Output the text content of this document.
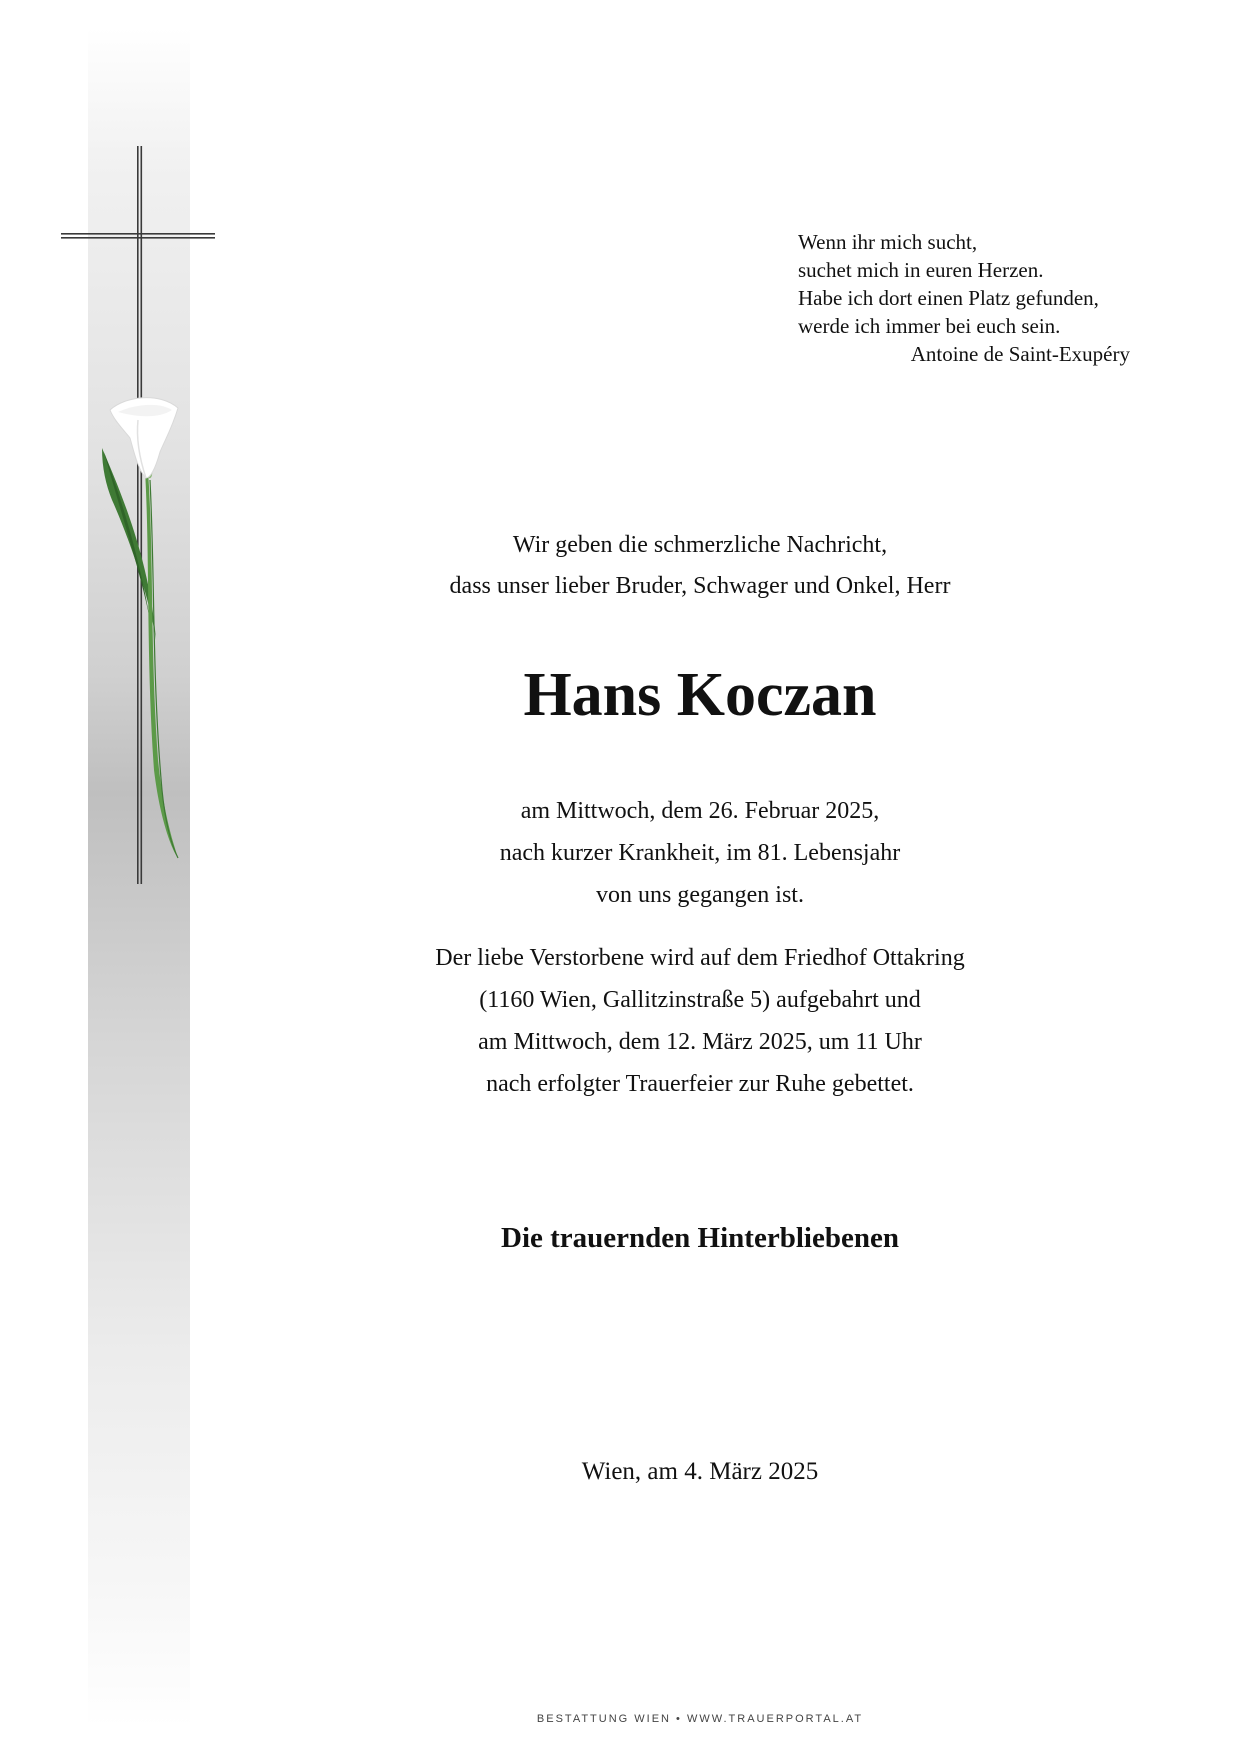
Wenn ihr mich sucht,
suchet mich in euren Herzen.
Habe ich dort einen Platz gefunden,
werde ich immer bei euch sein.
Antoine de Saint-Exupéry
Wir geben die schmerzliche Nachricht,
dass unser lieber Bruder, Schwager und Onkel, Herr
Hans Koczan
am Mittwoch, dem 26. Februar 2025,
nach kurzer Krankheit, im 81. Lebensjahr
von uns gegangen ist.
Der liebe Verstorbene wird auf dem Friedhof Ottakring
(1160 Wien, Gallitzinstraße 5) aufgebahrt und
am Mittwoch, dem 12. März 2025, um 11 Uhr
nach erfolgter Trauerfeier zur Ruhe gebettet.
Die trauernden Hinterbliebenen
Wien, am 4. März 2025
BESTATTUNG WIEN • WWW.TRAUERPORTAL.AT
